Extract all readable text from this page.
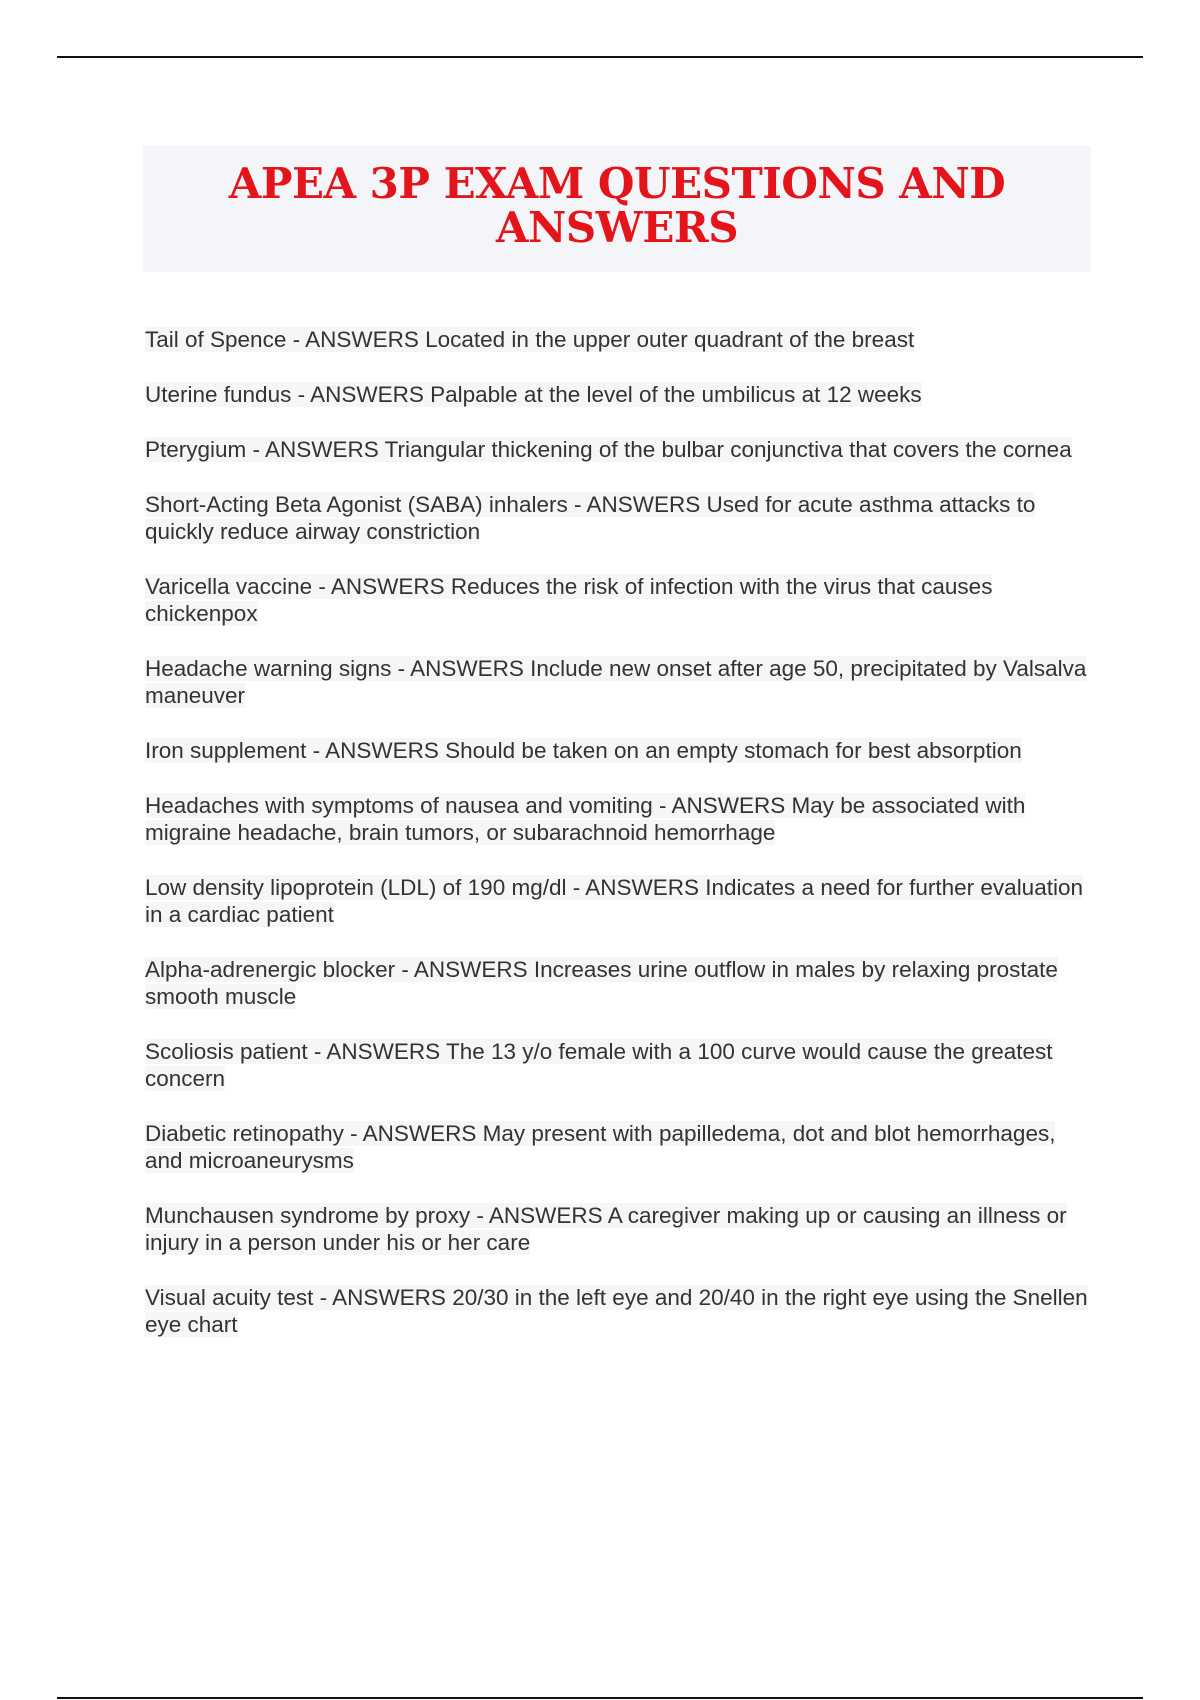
APEA 3P EXAM QUESTIONS AND
ANSWERS
Tail of Spence - ANSWERS Located in the upper outer quadrant of the breast
Uterine fundus - ANSWERS Palpable at the level of the umbilicus at 12 weeks
Pterygium - ANSWERS Triangular thickening of the bulbar conjunctiva that covers the cornea
Short-Acting Beta Agonist (SABA) inhalers - ANSWERS Used for acute asthma attacks to quickly reduce airway constriction
Varicella vaccine - ANSWERS Reduces the risk of infection with the virus that causes chickenpox
Headache warning signs - ANSWERS Include new onset after age 50, precipitated by Valsalva maneuver
Iron supplement - ANSWERS Should be taken on an empty stomach for best absorption
Headaches with symptoms of nausea and vomiting - ANSWERS May be associated with migraine headache, brain tumors, or subarachnoid hemorrhage
Low density lipoprotein (LDL) of 190 mg/dl - ANSWERS Indicates a need for further evaluation in a cardiac patient
Alpha-adrenergic blocker - ANSWERS Increases urine outflow in males by relaxing prostate smooth muscle
Scoliosis patient - ANSWERS The 13 y/o female with a 100 curve would cause the greatest concern
Diabetic retinopathy - ANSWERS May present with papilledema, dot and blot hemorrhages, and microaneurysms
Munchausen syndrome by proxy - ANSWERS A caregiver making up or causing an illness or injury in a person under his or her care
Visual acuity test - ANSWERS 20/30 in the left eye and 20/40 in the right eye using the Snellen eye chart
